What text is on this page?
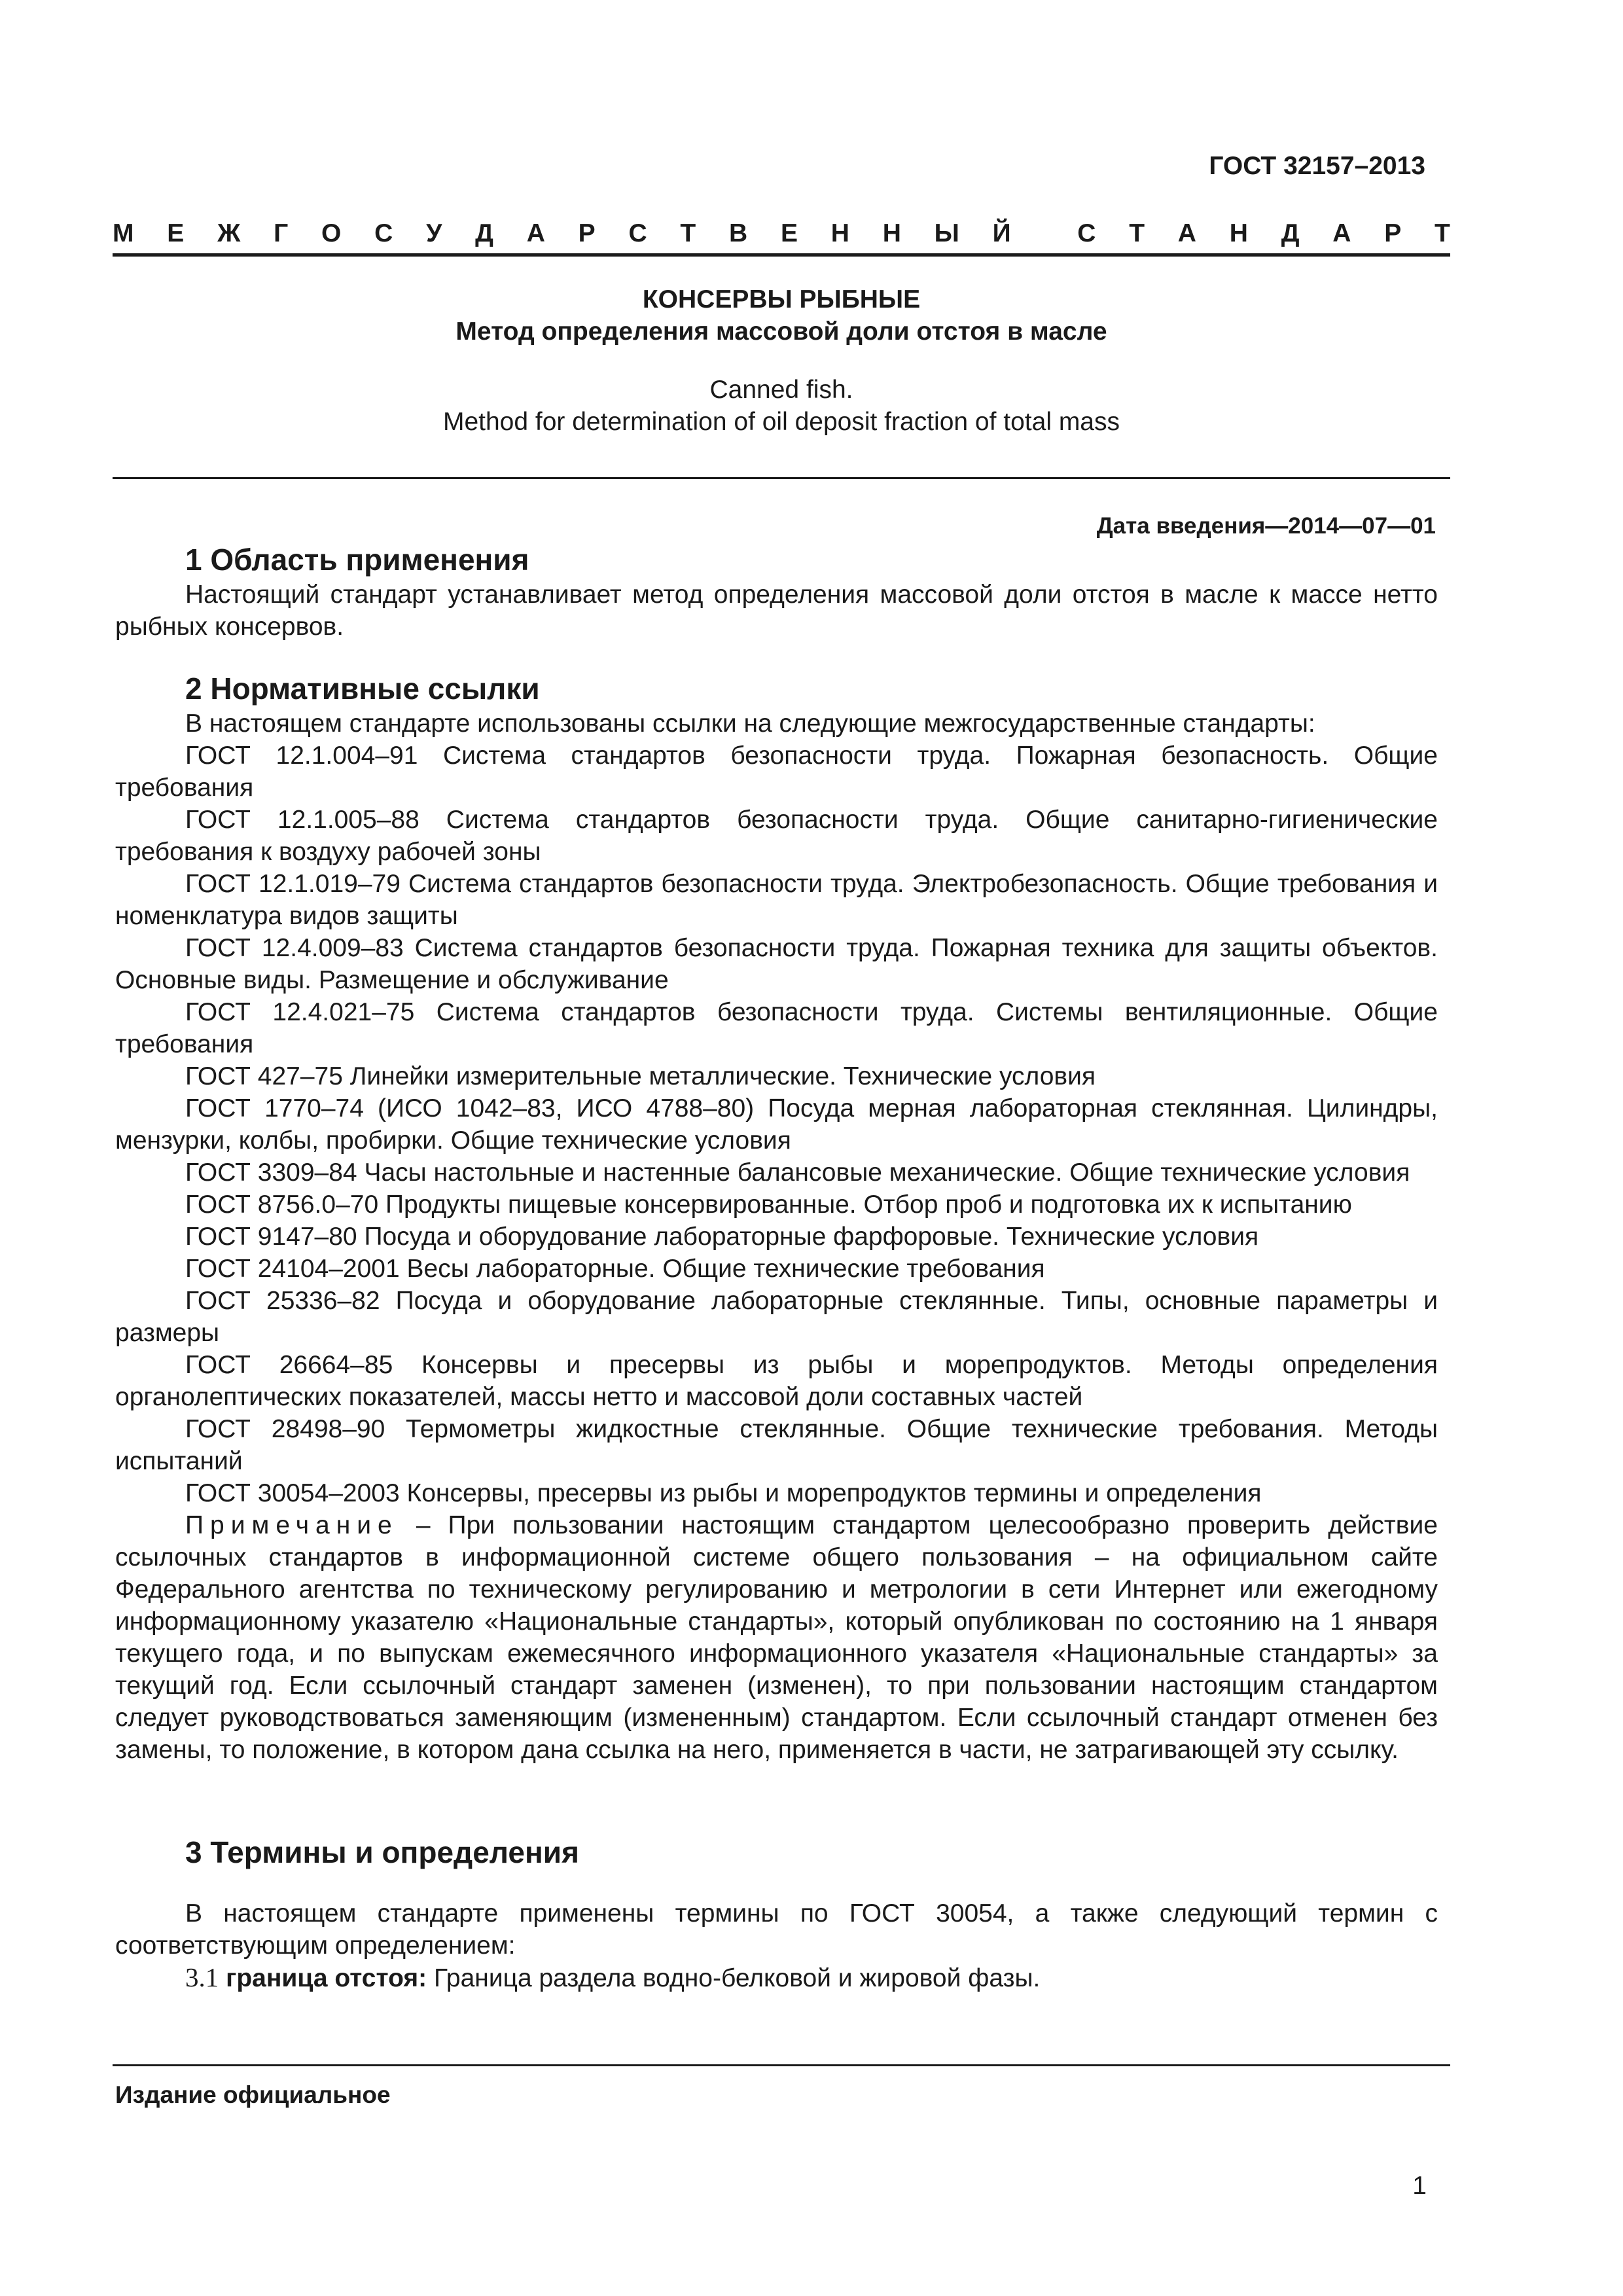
ГОСТ 32157–2013
М Е Ж Г О С У Д А Р С Т В Е Н Н Ы Й	С Т А Н Д А Р Т
КОНСЕРВЫ РЫБНЫЕ
Метод определения массовой доли отстоя в масле
Canned fish.
Method for determination of oil deposit fraction of total mass
Дата введения—2014—07—01
1 Область применения

Настоящий стандарт устанавливает метод определения массовой доли отстоя в масле к массе нетто рыбных консервов.

2 Нормативные ссылки

В настоящем стандарте использованы ссылки на следующие межгосударственные стандарты:

ГОСТ 12.1.004–91 Система стандартов безопасности труда. Пожарная безопасность. Общие требования

ГОСТ 12.1.005–88 Система стандартов безопасности труда. Общие санитарно-гигиенические требования к воздуху рабочей зоны

ГОСТ 12.1.019–79 Система стандартов безопасности труда. Электробезопасность. Общие требования и номенклатура видов защиты

ГОСТ 12.4.009–83 Система стандартов безопасности труда. Пожарная техника для защиты объектов. Основные виды. Размещение и обслуживание

ГОСТ 12.4.021–75 Система стандартов безопасности труда. Системы вентиляционные. Общие требования

ГОСТ 427–75 Линейки измерительные металлические. Технические условия

ГОСТ 1770–74 (ИСО 1042–83, ИСО 4788–80) Посуда мерная лабораторная стеклянная. Цилиндры, мензурки, колбы, пробирки. Общие технические условия

ГОСТ 3309–84 Часы настольные и настенные балансовые механические. Общие технические условия

ГОСТ 8756.0–70 Продукты пищевые консервированные. Отбор проб и подготовка их к испытанию

ГОСТ 9147–80 Посуда и оборудование лабораторные фарфоровые. Технические условия

ГОСТ 24104–2001 Весы лабораторные. Общие технические требования

ГОСТ 25336–82 Посуда и оборудование лабораторные стеклянные. Типы, основные параметры и размеры

ГОСТ 26664–85 Консервы и пресервы из рыбы и морепродуктов. Методы определения органолептических показателей, массы нетто и массовой доли составных частей

ГОСТ 28498–90 Термометры жидкостные стеклянные. Общие технические требования. Методы испытаний

ГОСТ 30054–2003 Консервы, пресервы из рыбы и морепродуктов термины и определения

Примечание – При пользовании настоящим стандартом целесообразно проверить действие ссылочных стандартов в информационной системе общего пользования – на официальном сайте Федерального агентства по техническому регулированию и метрологии в сети Интернет или ежегодному информационному указателю «Национальные стандарты», который опубликован по состоянию на 1 января текущего года, и по выпускам ежемесячного информационного указателя «Национальные стандарты» за текущий год. Если ссылочный стандарт заменен (изменен), то при пользовании настоящим стандартом следует руководствоваться заменяющим (измененным) стандартом. Если ссылочный стандарт отменен без замены, то положение, в котором дана ссылка на него, применяется в части, не затрагивающей эту ссылку.

3 Термины и определения

В настоящем стандарте применены термины по ГОСТ 30054, а также следующий термин с соответствующим определением:

3.1 граница отстоя: Граница раздела водно-белковой и жировой фазы.

Издание официальное
1
